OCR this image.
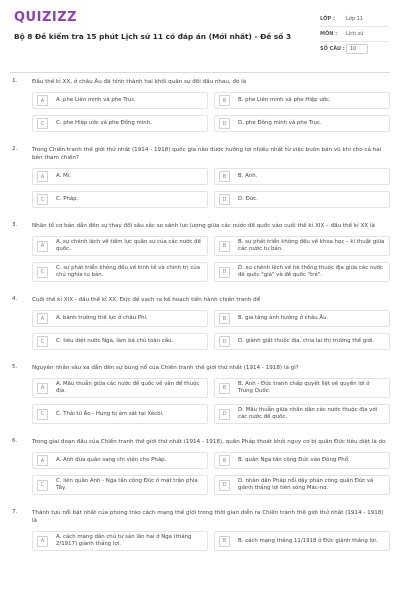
QUIZIZZ
Bộ 8 Đề kiểm tra 15 phút Lịch sử 11 có đáp án (Mới nhất) - Đề số 3
LỚP :	Lớp 11
MÔN :	Lịch sử
SỐ CÂU :	10
1.	Đầu thế kỉ XX, ở châu Âu đã hình thành hai khối quân sự đối đầu nhau, đó là
A	A. phe Liên minh và phe Trục.	B	B. phe Liên minh và phe Hiệp ước.
C	C. phe Hiệp ước và phe Đồng minh.	D	D. phe Đồng minh và phe Trục.
2.	Trong Chiến tranh thế giới thứ nhất (1914 - 1918) quốc gia nào được hưởng lợi nhiều nhất từ việc buôn bán vũ khí cho cả hai bên tham chiến?
A	A. Mĩ.	B	B. Anh.
C	C. Pháp.	D	D. Đức.
3.	Nhân tố cơ bản dẫn đến sự thay đổi sâu sắc so sánh lực lượng giữa các nước đế quốc vào cuối thế kỉ XIX – đầu thế kỉ XX là
A
A. sự chênh lệch về tiềm lực quân sự của các nước đế quốc.	B
B. sự phát triển không đều về khoa học – kĩ thuật giữa các nước tư bản.
C
C. sự phát triển không đều về kinh tế và chính trị của chủ nghĩa tư bản.	D
D. sự chênh lệch về hệ thống thuộc địa giữa các nước đế quốc "già" và đế quốc "trẻ".
4.	Cuối thế kỉ XIX - đầu thế kỉ XX, Đức đề vạch ra kế hoạch tiến hành chiến tranh để
A	A. bành trướng thế lực ở châu Phi.	B	B. gia tăng ảnh hưởng ở châu Âu.
C	C. tiêu diệt nước Nga, làm bá chủ toàn cầu.	D	D. giành giật thuộc địa, chia lại thị trường thế giới.
5.	Nguyên nhân sâu xa dẫn đến sự bùng nổ của Chiến tranh thế giới thứ nhất (1914 - 1918) là gì?
A
A. Mâu thuẫn giữa các nước đế quốc về vấn đề thuộc địa.	B
B. Anh - Đức tranh chấp quyết liệt về quyền lợi ở Trung Quốc.
C	C. Thái tử Áo - Hung bị ám sát tại Xécbi.	D
D. Mâu thuẫn giữa nhân dân các nước thuộc địa với các nước đế quốc.
6.	Trong giai đoạn đầu của Chiến tranh thế giới thứ nhất (1914 - 1918), quân Pháp thoát khỏi nguy cơ bị quân Đức tiêu diệt là do
A	A. Anh đưa quân sang chi viện cho Pháp.	B	B. quân Nga tấn công Đức vào Đông Phổ.
C
C. liên quân Anh - Nga tấn công Đức ở mặt trận phía Tây.	D
D. nhân dân Pháp nổi dậy phản công quân Đức và giành thắng lợi tiên sông Mác-nơ.
7.	Thành tựu nổi bật nhất của phong trào cách mạng thế giới trong thời gian diễn ra Chiến tranh thế giới thứ nhất (1914 - 1918) là
A
A. cách mạng dân chủ tư sản lần hai ở Nga (tháng 2/1917) giành thắng lợi.	B	B. cách mạng tháng 11/1918 ở Đức giành thắng lợi.
